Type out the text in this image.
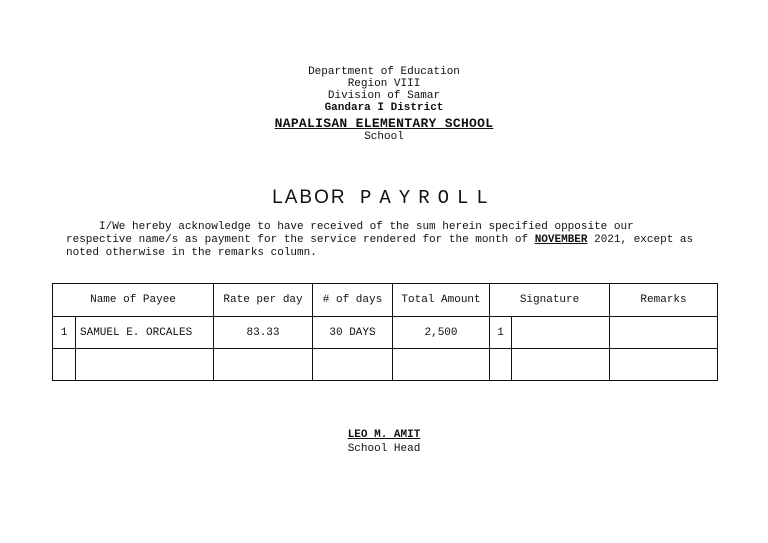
Department of Education
Region VIII
Division of Samar
Gandara I District
NAPALISAN ELEMENTARY SCHOOL
School
LABOR PAYROLL
I/We hereby acknowledge to have received of the sum herein specified opposite our
respective name/s as payment for the service rendered for the month of NOVEMBER 2021, except as
noted otherwise in the remarks column.
Name of Payee		Rate per day	# of days	Total Amount	Signature		Remarks
1	SAMUEL E. ORCALES	83.33	30 DAYS	2,500	1		

LEO M. AMIT
School Head
